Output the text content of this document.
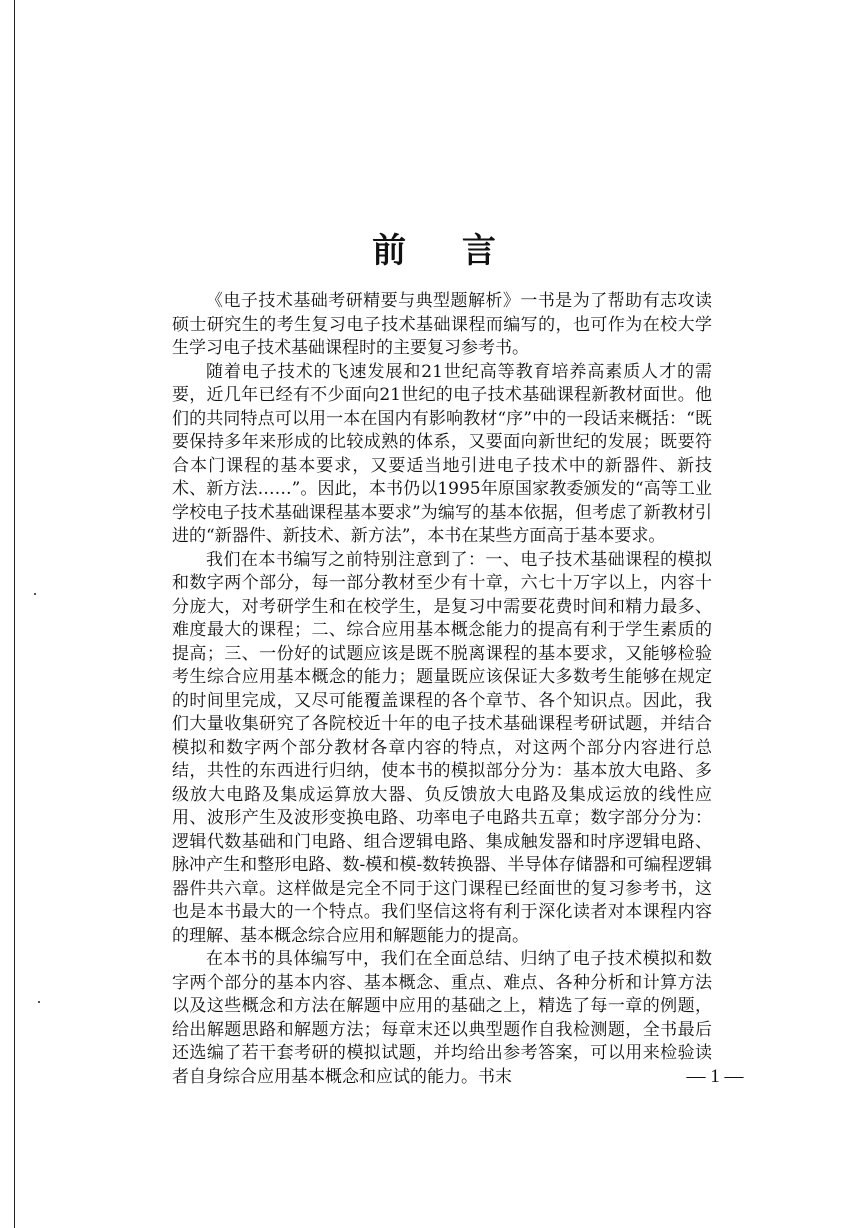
前 言

《电子技术基础考研精要与典型题解析》一书是为了帮助有志攻读硕士研究生的考生复习电子技术基础课程而编写的，也可作为在校大学生学习电子技术基础课程时的主要复习参考书。

随着电子技术的飞速发展和21世纪高等教育培养高素质人才的需要，近几年已经有不少面向21世纪的电子技术基础课程新教材面世。他们的共同特点可以用一本在国内有影响教材“序”中的一段话来概括：“既要保持多年来形成的比较成熟的体系，又要面向新世纪的发展；既要符合本门课程的基本要求，又要适当地引进电子技术中的新器件、新技术、新方法……”。因此，本书仍以1995年原国家教委颁发的“高等工业学校电子技术基础课程基本要求”为编写的基本依据，但考虑了新教材引进的“新器件、新技术、新方法”，本书在某些方面高于基本要求。

我们在本书编写之前特别注意到了：一、电子技术基础课程的模拟和数字两个部分，每一部分教材至少有十章，六七十万字以上，内容十分庞大，对考研学生和在校学生，是复习中需要花费时间和精力最多、难度最大的课程；二、综合应用基本概念能力的提高有利于学生素质的提高；三、一份好的试题应该是既不脱离课程的基本要求，又能够检验考生综合应用基本概念的能力；题量既应该保证大多数考生能够在规定的时间里完成，又尽可能覆盖课程的各个章节、各个知识点。因此，我们大量收集研究了各院校近十年的电子技术基础课程考研试题，并结合模拟和数字两个部分教材各章内容的特点，对这两个部分内容进行总结，共性的东西进行归纳，使本书的模拟部分分为：基本放大电路、多级放大电路及集成运算放大器、负反馈放大电路及集成运放的线性应用、波形产生及波形变换电路、功率电子电路共五章；数字部分分为：逻辑代数基础和门电路、组合逻辑电路、集成触发器和时序逻辑电路、脉冲产生和整形电路、数-模和模-数转换器、半导体存储器和可编程逻辑器件共六章。这样做是完全不同于这门课程已经面世的复习参考书，这也是本书最大的一个特点。我们坚信这将有利于深化读者对本课程内容的理解、基本概念综合应用和解题能力的提高。

在本书的具体编写中，我们在全面总结、归纳了电子技术模拟和数字两个部分的基本内容、基本概念、重点、难点、各种分析和计算方法以及这些概念和方法在解题中应用的基础之上，精选了每一章的例题，给出解题思路和解题方法；每章末还以典型题作自我检测题，全书最后还选编了若干套考研的模拟试题，并均给出参考答案，可以用来检验读者自身综合应用基本概念和应试的能力。书末	— 1 —
